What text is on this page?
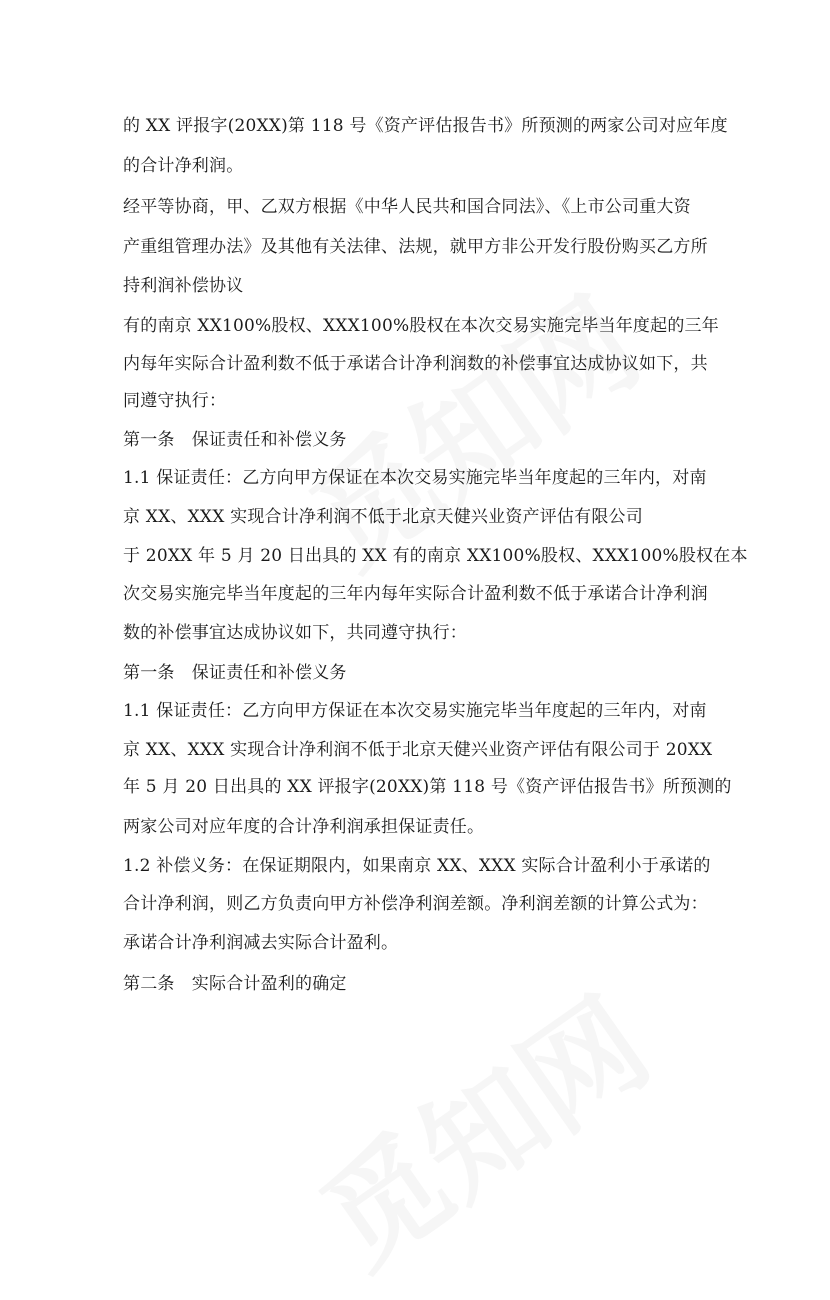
的 XX 评报字(20XX)第 118 号《资产评估报告书》所预测的两家公司对应年度
的合计净利润。
经平等协商，甲、乙双方根据《中华人民共和国合同法》、《上市公司重大资
产重组管理办法》及其他有关法律、法规，就甲方非公开发行股份购买乙方所
持利润补偿协议
有的南京 XX100%股权、XXX100%股权在本次交易实施完毕当年度起的三年
内每年实际合计盈利数不低于承诺合计净利润数的补偿事宜达成协议如下，共
同遵守执行：
第一条　保证责任和补偿义务
1.1 保证责任：乙方向甲方保证在本次交易实施完毕当年度起的三年内，对南
京 XX、XXX 实现合计净利润不低于北京天健兴业资产评估有限公司
于 20XX 年 5 月 20 日出具的 XX 有的南京 XX100%股权、XXX100%股权在本
次交易实施完毕当年度起的三年内每年实际合计盈利数不低于承诺合计净利润
数的补偿事宜达成协议如下，共同遵守执行：
第一条　保证责任和补偿义务
1.1 保证责任：乙方向甲方保证在本次交易实施完毕当年度起的三年内，对南
京 XX、XXX 实现合计净利润不低于北京天健兴业资产评估有限公司于 20XX
年 5 月 20 日出具的 XX 评报字(20XX)第 118 号《资产评估报告书》所预测的
两家公司对应年度的合计净利润承担保证责任。
1.2 补偿义务：在保证期限内，如果南京 XX、XXX 实际合计盈利小于承诺的
合计净利润，则乙方负责向甲方补偿净利润差额。净利润差额的计算公式为：
承诺合计净利润减去实际合计盈利。
第二条　实际合计盈利的确定
